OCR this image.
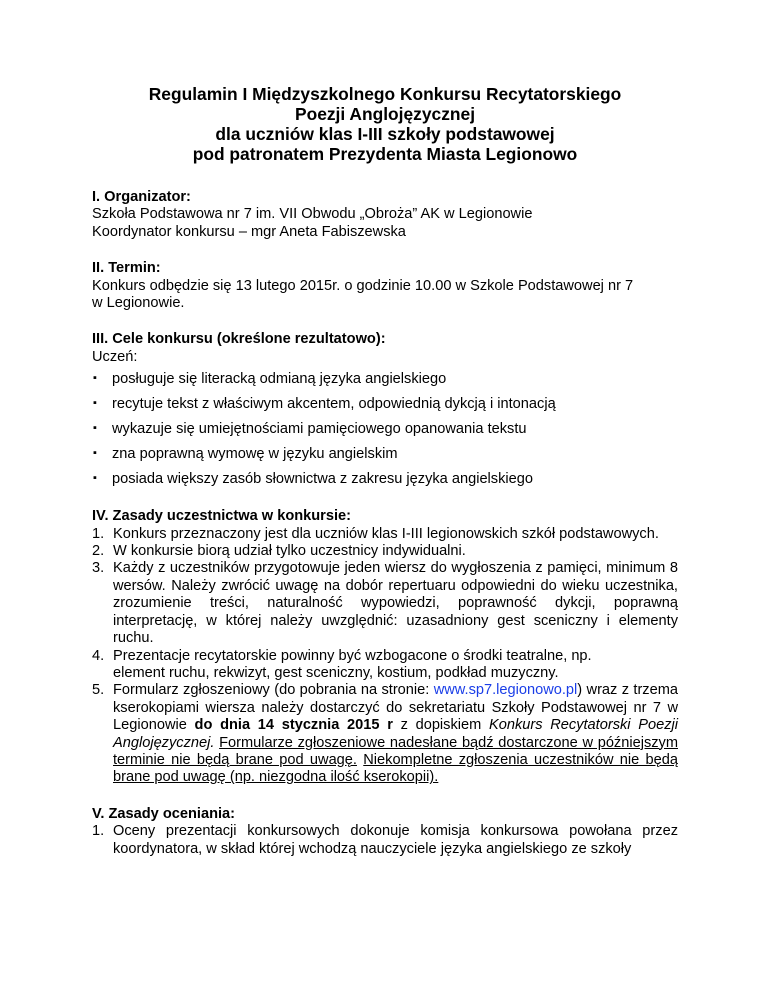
Regulamin I Międzyszkolnego Konkursu Recytatorskiego
Poezji Anglojęzycznej
dla uczniów klas I-III szkoły podstawowej
pod patronatem Prezydenta Miasta Legionowo
I. Organizator:
Szkoła Podstawowa nr 7 im. VII Obwodu „Obroża” AK w Legionowie
Koordynator konkursu – mgr Aneta Fabiszewska
II. Termin:
Konkurs odbędzie się 13 lutego 2015r. o godzinie 10.00 w Szkole Podstawowej nr 7
w Legionowie.
III. Cele konkursu (określone rezultatowo):
Uczeń:
▪ posługuje się literacką odmianą języka angielskiego
▪ recytuje tekst z właściwym akcentem, odpowiednią dykcją i intonacją
▪ wykazuje się umiejętnościami pamięciowego opanowania tekstu
▪ zna poprawną wymowę w języku angielskim
▪ posiada większy zasób słownictwa z zakresu języka angielskiego
IV. Zasady uczestnictwa w konkursie:
1. Konkurs przeznaczony jest dla uczniów klas I-III legionowskich szkół podstawowych.
2. W konkursie biorą udział tylko uczestnicy indywidualni.
3. Każdy z uczestników przygotowuje jeden wiersz do wygłoszenia z pamięci, minimum 8 wersów. Należy zwrócić uwagę na dobór repertuaru odpowiedni do wieku uczestnika, zrozumienie treści, naturalność wypowiedzi, poprawność dykcji, poprawną interpretację, w której należy uwzględnić: uzasadniony gest sceniczny i elementy ruchu.
4. Prezentacje recytatorskie powinny być wzbogacone o środki teatralne, np.
element ruchu, rekwizyt, gest sceniczny, kostium, podkład muzyczny.
5. Formularz zgłoszeniowy (do pobrania na stronie: www.sp7.legionowo.pl) wraz z trzema kserokopiami wiersza należy dostarczyć do sekretariatu Szkoły Podstawowej nr 7 w Legionowie do dnia 14 stycznia 2015 r z dopiskiem Konkurs Recytatorski Poezji Anglojęzycznej. Formularze zgłoszeniowe nadesłane bądź dostarczone w późniejszym terminie nie będą brane pod uwagę. Niekompletne zgłoszenia uczestników nie będą brane pod uwagę (np. niezgodna ilość kserokopii).
V. Zasady oceniania:
1. Oceny prezentacji konkursowych dokonuje komisja konkursowa powołana przez koordynatora, w skład której wchodzą nauczyciele języka angielskiego ze szkoły
